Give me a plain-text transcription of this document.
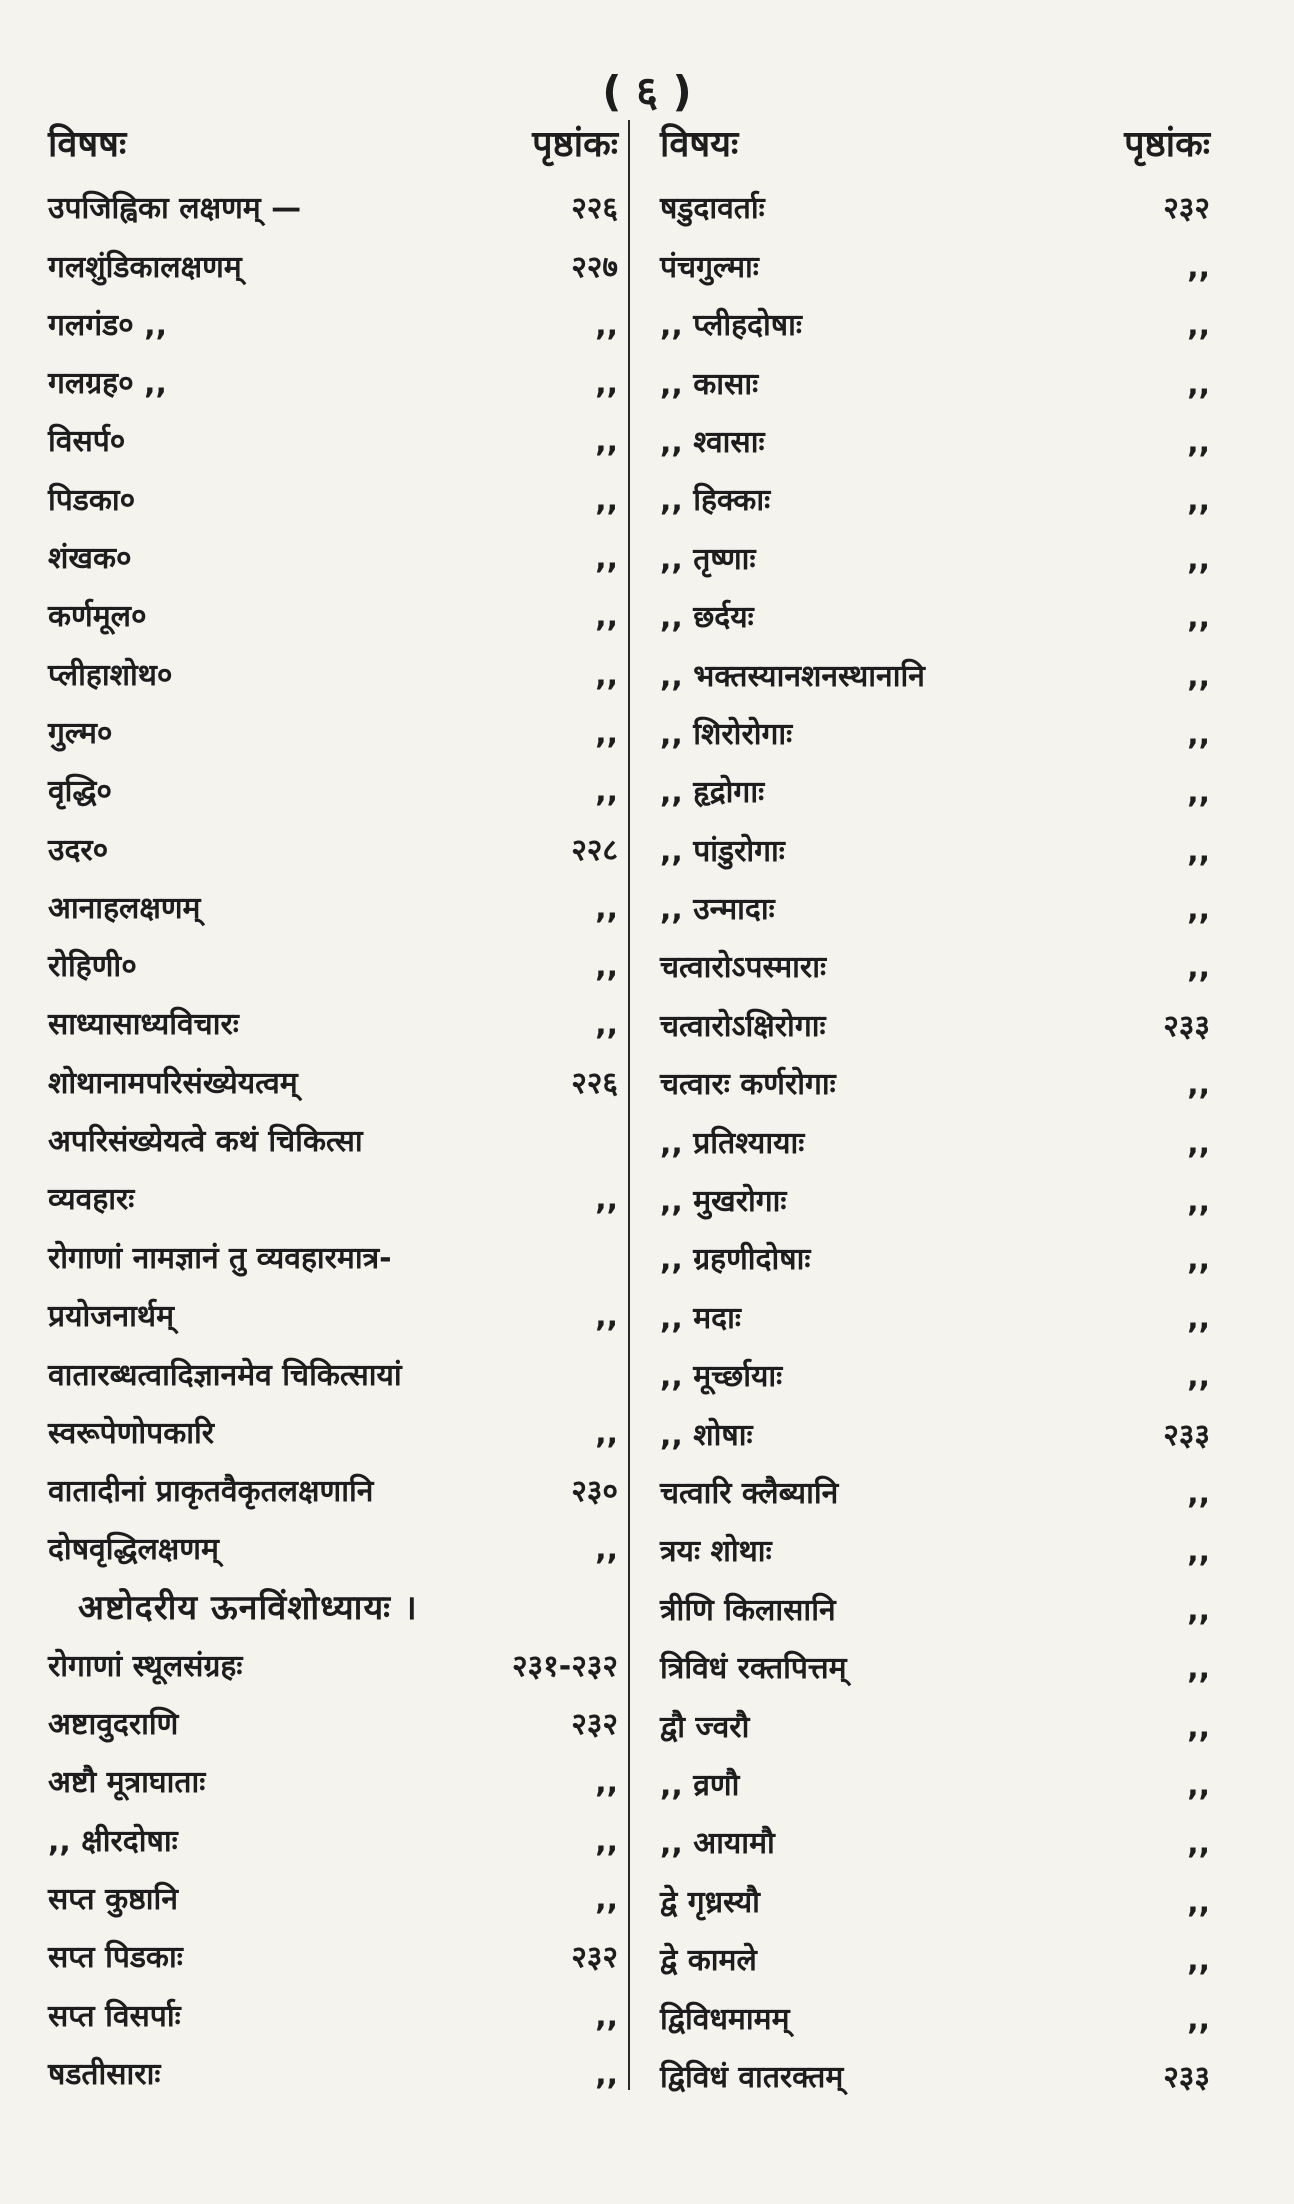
( ६ )
विषषः	पृष्ठांकः
उपजिह्विका लक्षणम् —	२२६
गलशुंडिकालक्षणम्	२२७
गलगंड० ,,	,,
गलग्रह० ,,	,,
विसर्प०	,,
पिडका०	,,
शंखक०	,,
कर्णमूल०	,,
प्लीहाशोथ०	,,
गुल्म०	,,
वृद्धि०	,,
उदर०	२२८
आनाहलक्षणम्	,,
रोहिणी०	,,
साध्यासाध्यविचारः	,,
शोथानामपरिसंख्येयत्वम्	२२६
अपरिसंख्येयत्वे कथं चिकित्सा
व्यवहारः	,,
रोगाणां नामज्ञानं तु व्यवहारमात्र-
प्रयोजनार्थम्	,,
वातारब्धत्वादिज्ञानमेव चिकित्सायां
स्वरूपेणोपकारि	,,
वातादीनां प्राकृतवैकृतलक्षणानि	२३०
दोषवृद्धिलक्षणम्	,,
अष्टोदरीय ऊनविंशोध्यायः ।
रोगाणां स्थूलसंग्रहः	२३१-२३२
अष्टावुदराणि	२३२
अष्टौ मूत्राघाताः	,,
,, क्षीरदोषाः	,,
सप्त कुष्ठानि	,,
सप्त पिडकाः	२३२
सप्त विसर्पाः	,,
षडतीसाराः	,,
विषयः	पृष्ठांकः
षडुदावर्ताः	२३२
पंचगुल्माः	,,
,, प्लीहदोषाः	,,
,, कासाः	,,
,, श्वासाः	,,
,, हिक्काः	,,
,, तृष्णाः	,,
,, छर्दयः	,,
,, भक्तस्यानशनस्थानानि	,,
,, शिरोरोगाः	,,
,, हृद्रोगाः	,,
,, पांडुरोगाः	,,
,, उन्मादाः	,,
चत्वारोऽपस्माराः	,,
चत्वारोऽक्षिरोगाः	२३३
चत्वारः कर्णरोगाः	,,
,, प्रतिश्यायाः	,,
,, मुखरोगाः	,,
,, ग्रहणीदोषाः	,,
,, मदाः	,,
,, मूर्च्छायाः	,,
,, शोषाः	२३३
चत्वारि क्लैब्यानि	,,
त्रयः शोथाः	,,
त्रीणि किलासानि	,,
त्रिविधं रक्तपित्तम्	,,
द्वौ ज्वरौ	,,
,, व्रणौ	,,
,, आयामौ	,,
द्वे गृध्रस्यौ	,,
द्वे कामले	,,
द्विविधमामम्	,,
द्विविधं वातरक्तम्	२३३
